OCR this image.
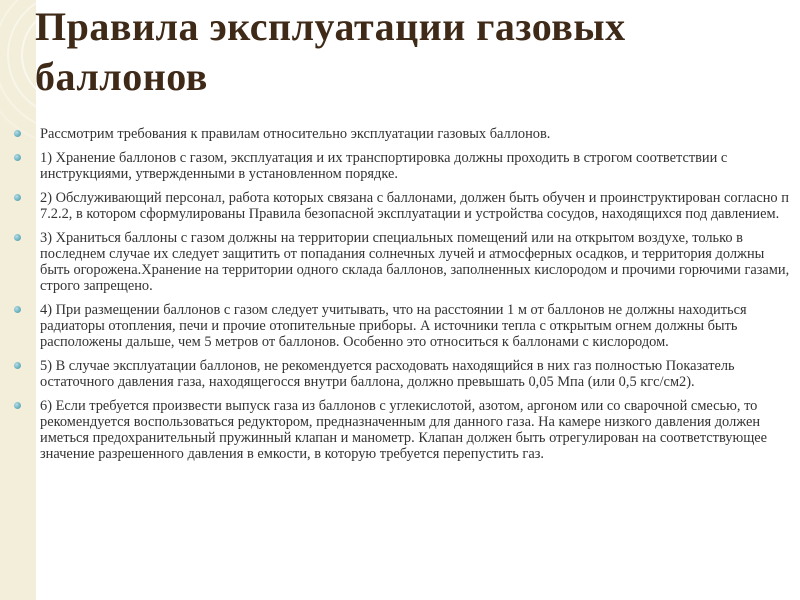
Правила эксплуатации газовых баллонов
Рассмотрим требования к правилам относительно эксплуатации газовых баллонов.
1) Хранение баллонов с газом, эксплуатация и их транспортировка должны проходить в строгом соответствии с инструкциями, утвержденными в установленном порядке.
2) Обслуживающий персонал, работа которых связана с баллонами, должен быть обучен и проинструктирован согласно п 7.2.2, в котором сформулированы Правила безопасной эксплуатации и устройства сосудов, находящихся под давлением.
3) Храниться баллоны с газом должны на территории специальных помещений или на открытом воздухе, только в последнем случае их следует защитить от попадания солнечных лучей и атмосферных осадков, и территория должны быть огорожена.Хранение на территории одного склада баллонов, заполненных кислородом и прочими горючими газами, строго запрещено.
4) При размещении баллонов с газом следует учитывать, что на расстоянии 1 м от баллонов не должны находиться радиаторы отопления, печи и прочие отопительные приборы. А источники тепла с открытым огнем должны быть расположены дальше, чем 5 метров от баллонов. Особенно это относиться к баллонами с кислородом.
5) В случае эксплуатации баллонов, не рекомендуется расходовать находящийся в них газ полностью Показатель остаточного давления газа, находящегосся внутри баллона, должно превышать 0,05 Мпа (или 0,5 кгс/см2).
6) Если требуется произвести выпуск газа из баллонов с углекислотой, азотом, аргоном или со сварочной смесью, то рекомендуется воспользоваться редуктором, предназначенным для данного газа. На камере низкого давления должен иметься предохранительный пружинный клапан и манометр. Клапан должен быть отрегулирован на соответствующее значение разрешенного давления в емкости, в которую требуется перепустить газ.
